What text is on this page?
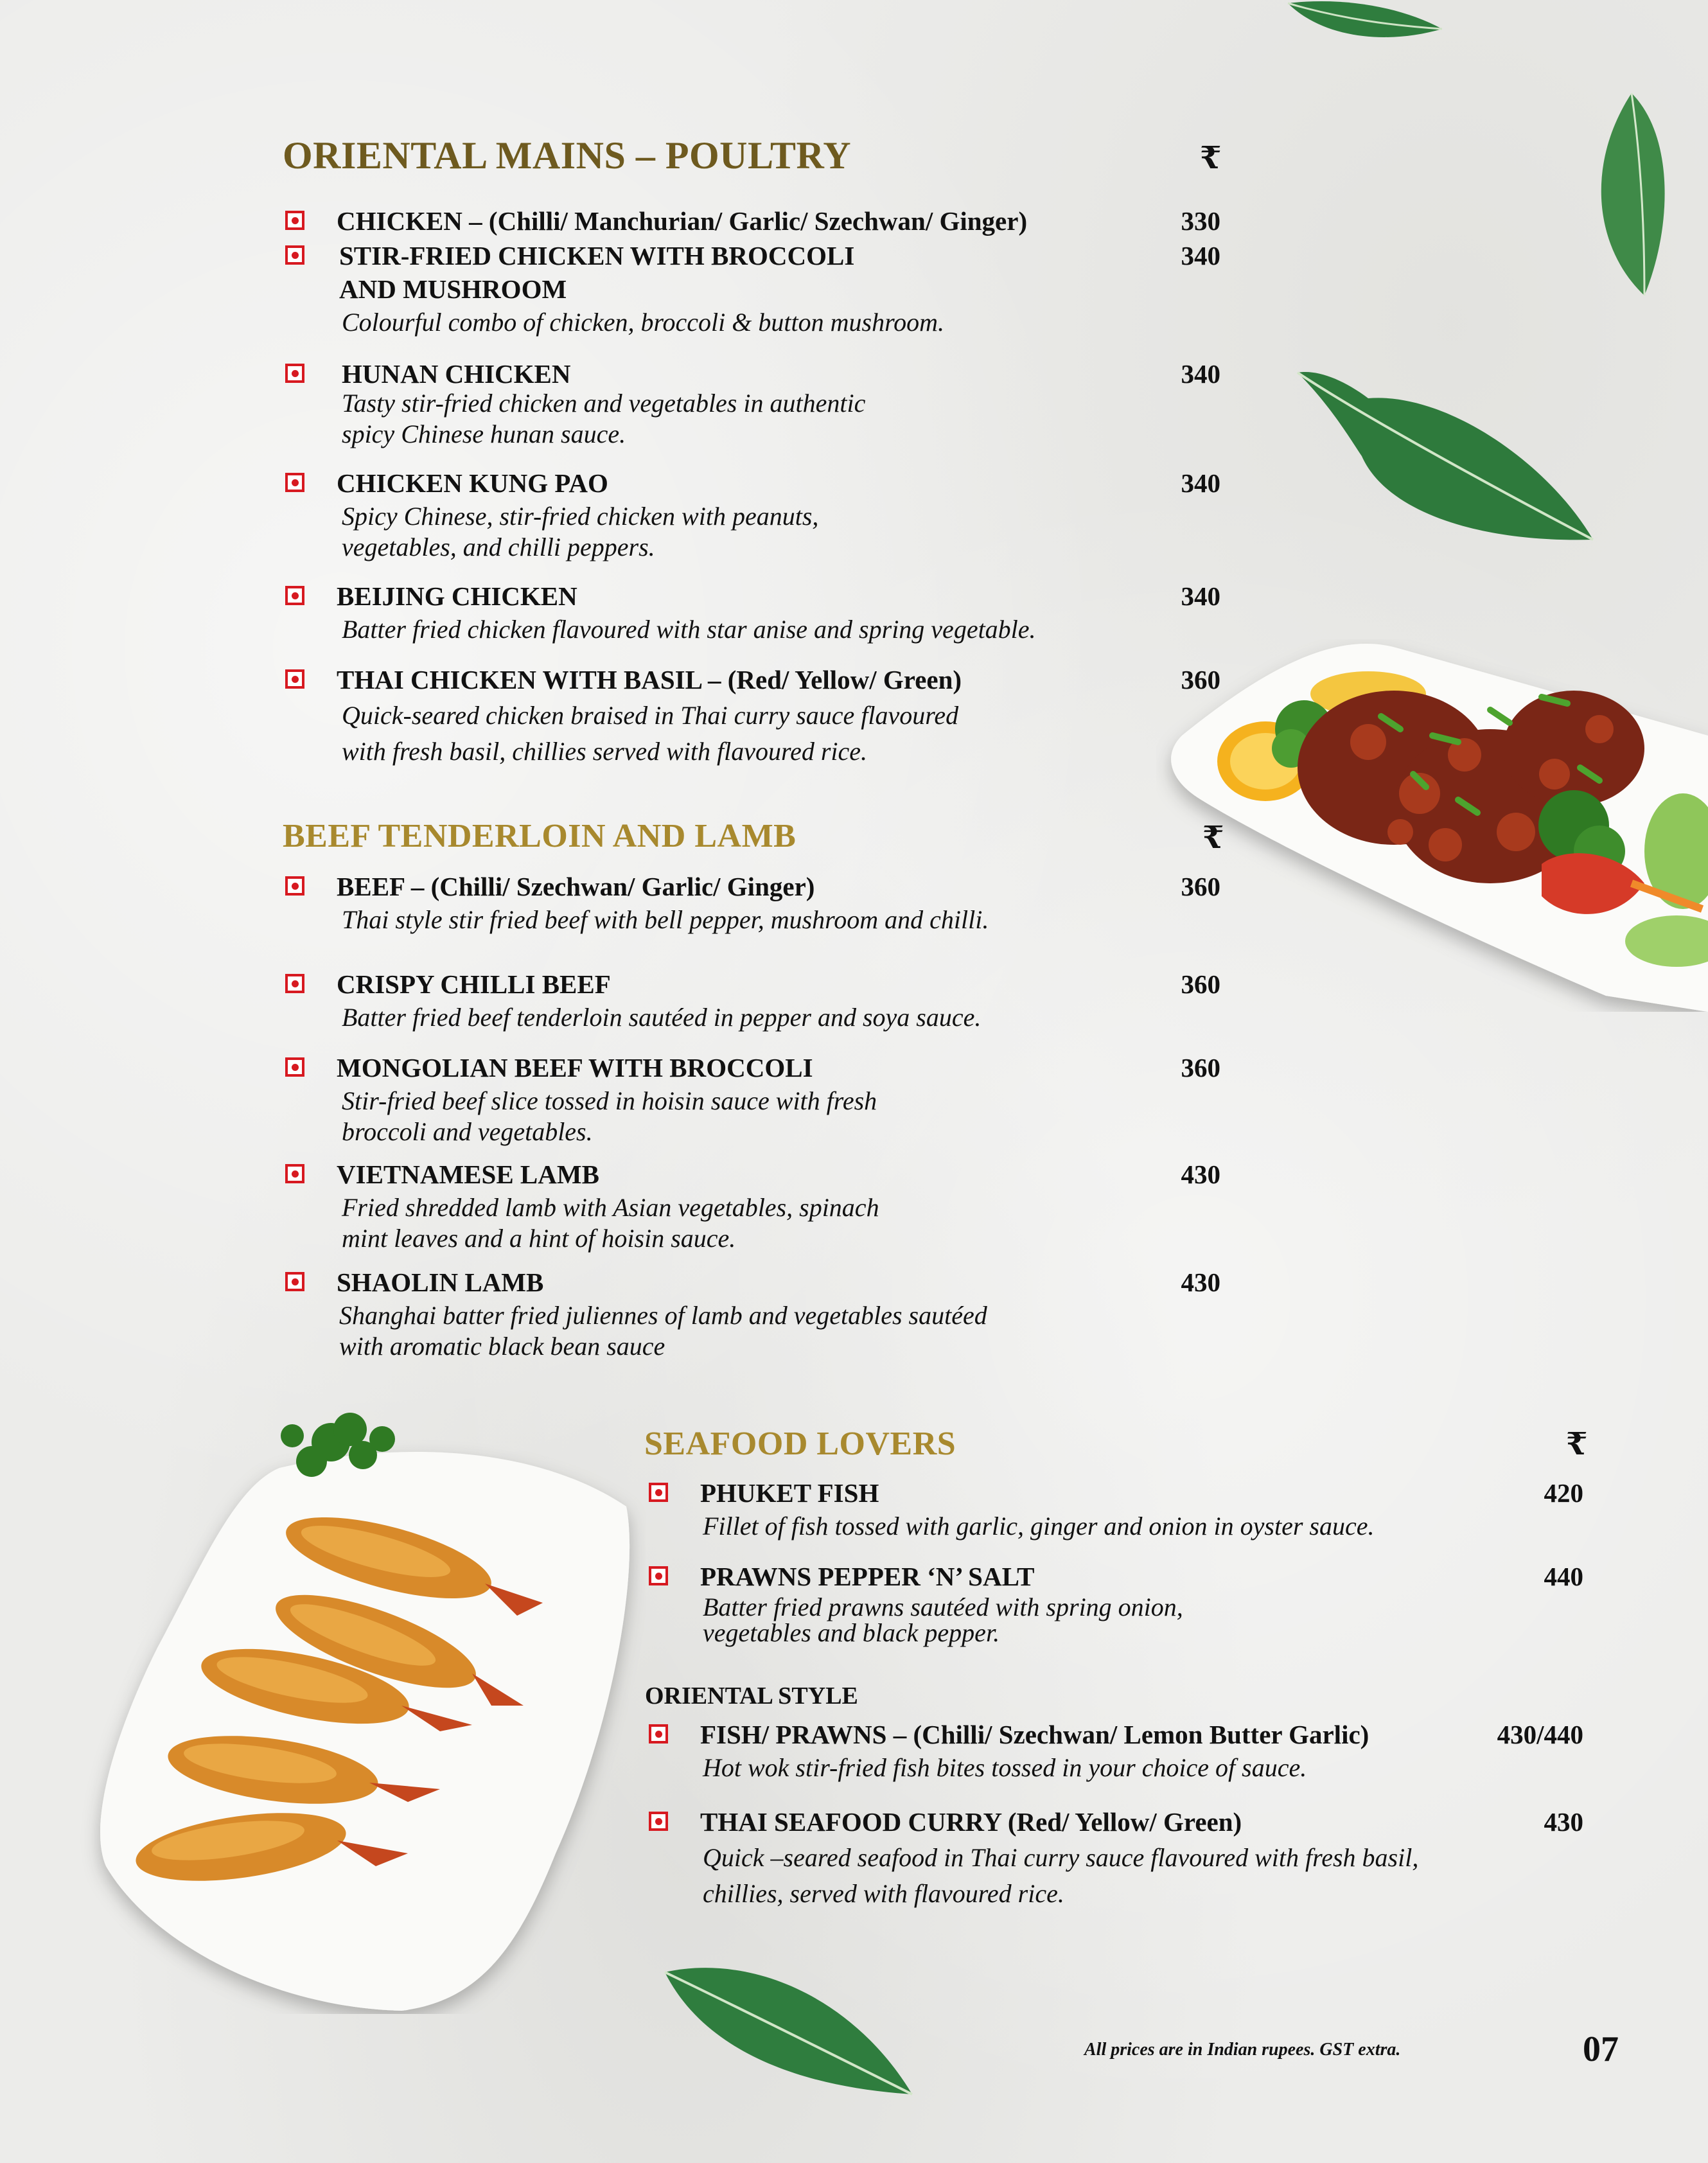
ORIENTAL MAINS – POULTRY	₹
CHICKEN – (Chilli/ Manchurian/ Garlic/ Szechwan/ Ginger)	330
STIR-FRIED CHICKEN WITH BROCCOLI
AND MUSHROOM
340
Colourful combo of chicken, broccoli & button mushroom.
HUNAN CHICKEN	340
Tasty stir-fried chicken and vegetables in authentic
spicy Chinese hunan sauce.
CHICKEN KUNG PAO	340
Spicy Chinese, stir-fried chicken with peanuts,
vegetables, and chilli peppers.
BEIJING CHICKEN	340
Batter fried chicken flavoured with star anise and spring vegetable.
THAI CHICKEN WITH BASIL – (Red/ Yellow/ Green)	360
Quick-seared chicken braised in Thai curry sauce flavoured
with fresh basil, chillies served with flavoured rice.
BEEF TENDERLOIN AND LAMB	₹
BEEF – (Chilli/ Szechwan/ Garlic/ Ginger)	360
Thai style stir fried beef with bell pepper, mushroom and chilli.
CRISPY CHILLI BEEF	360
Batter fried beef tenderloin sautéed in pepper and soya sauce.
MONGOLIAN BEEF WITH BROCCOLI	360
Stir-fried beef slice tossed in hoisin sauce with fresh
broccoli and vegetables.
VIETNAMESE LAMB	430
Fried shredded lamb with Asian vegetables, spinach
mint leaves and a hint of hoisin sauce.
SHAOLIN LAMB	430
Shanghai batter fried juliennes of lamb and vegetables sautéed
with aromatic black bean sauce
SEAFOOD LOVERS	₹
PHUKET FISH	420
Fillet of fish tossed with garlic, ginger and onion in oyster sauce.
PRAWNS PEPPER ‘N’ SALT	440
Batter fried prawns sautéed with spring onion,
vegetables and black pepper.
ORIENTAL STYLE
FISH/ PRAWNS – (Chilli/ Szechwan/ Lemon Butter Garlic)	430/440
Hot wok stir-fried fish bites tossed in your choice of sauce.
THAI SEAFOOD CURRY (Red/ Yellow/ Green)	430
Quick –seared seafood in Thai curry sauce flavoured with fresh basil,
chillies, served with flavoured rice.
All prices are in Indian rupees. GST extra.	07
